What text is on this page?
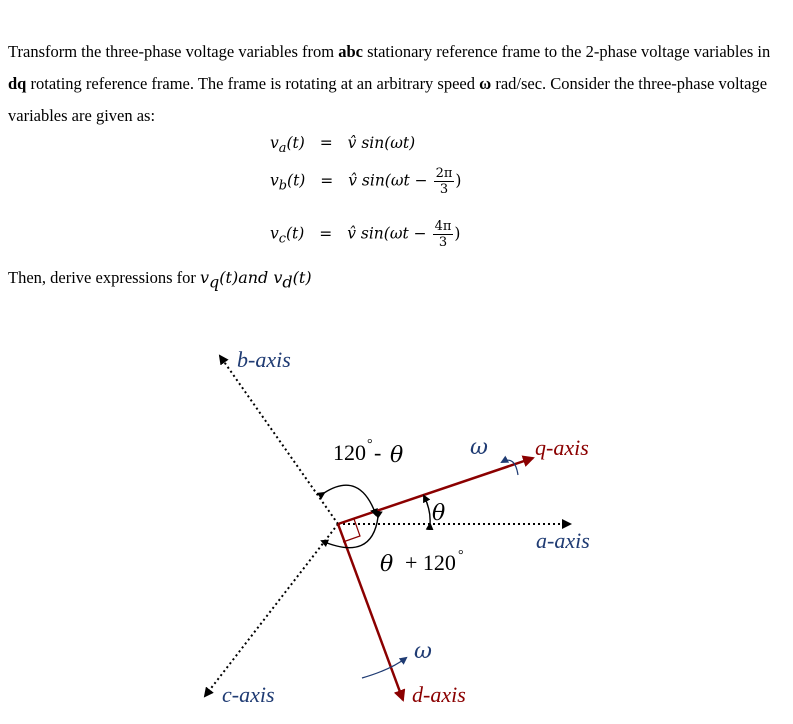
Transform the three-phase voltage variables from abc stationary reference frame to the 2-phase voltage variables in dq rotating reference frame. The frame is rotating at an arbitrary speed ω rad/sec. Consider the three-phase voltage variables are given as:

$v_a(t)$ = v̂ sin(ωt)
$v_b(t)$ = v̂ $\sin(\omega t - \frac{2\pi}{3}$ )
$v_c(t)$ = v̂ $\sin(\omega t - \frac{4\pi}{3}$ )
Then, derive expressions for $v_q(t)and$ $v_d(t)$
b-axis
a-axis
c-axis
q-axis
d-axis
120 ° - θ
θ
θ + 120 °
ω
ω
